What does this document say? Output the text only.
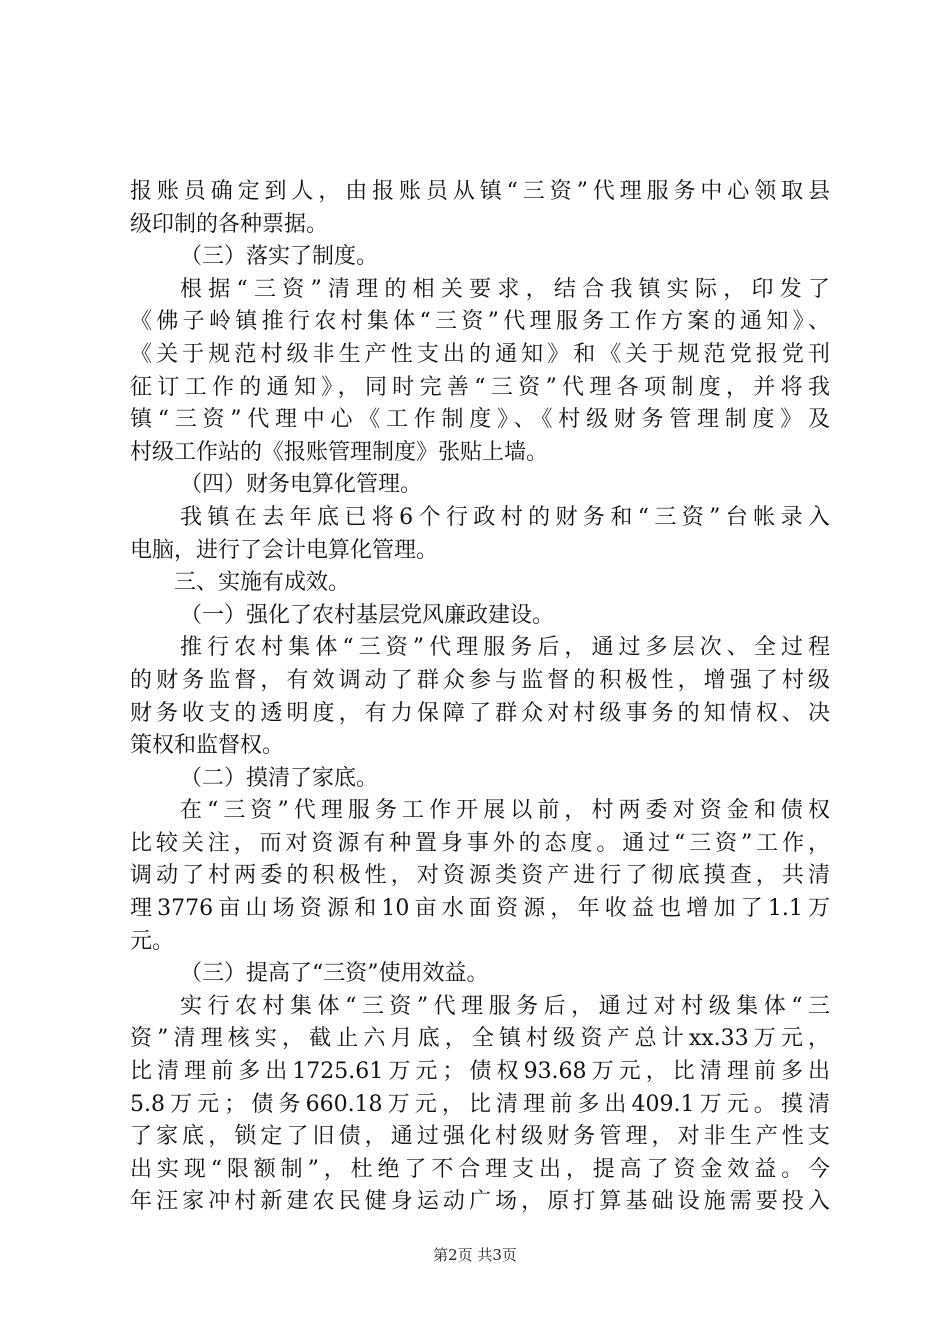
报账员确定到人，由报账员从镇“三资”代理服务中心领取县
级印制的各种票据。
（三）落实了制度。
根据“三资”清理的相关要求，结合我镇实际，印发了
《佛子岭镇推行农村集体“三资”代理服务工作方案的通知》、
《关于规范村级非生产性支出的通知》和《关于规范党报党刊
征订工作的通知》，同时完善“三资”代理各项制度，并将我
镇“三资”代理中心《工作制度》、《村级财务管理制度》及
村级工作站的《报账管理制度》张贴上墙。
（四）财务电算化管理。
我镇在去年底已将6个行政村的财务和“三资”台帐录入
电脑，进行了会计电算化管理。
三、实施有成效。
（一）强化了农村基层党风廉政建设。
推行农村集体“三资”代理服务后，通过多层次、全过程
的财务监督，有效调动了群众参与监督的积极性，增强了村级
财务收支的透明度，有力保障了群众对村级事务的知情权、决
策权和监督权。
（二）摸清了家底。
在“三资”代理服务工作开展以前，村两委对资金和债权
比较关注，而对资源有种置身事外的态度。通过“三资”工作，
调动了村两委的积极性，对资源类资产进行了彻底摸查，共清
理3776亩山场资源和10亩水面资源，年收益也增加了1.1万
元。
（三）提高了“三资”使用效益。
实行农村集体“三资”代理服务后，通过对村级集体“三
资”清理核实，截止六月底，全镇村级资产总计xx.33万元，
比清理前多出1725.61万元；债权93.68万元，比清理前多出
5.8万元；债务660.18万元，比清理前多出409.1万元。摸清
了家底，锁定了旧债，通过强化村级财务管理，对非生产性支
出实现“限额制”，杜绝了不合理支出，提高了资金效益。今
年汪家冲村新建农民健身运动广场，原打算基础设施需要投入
第2页 共3页
